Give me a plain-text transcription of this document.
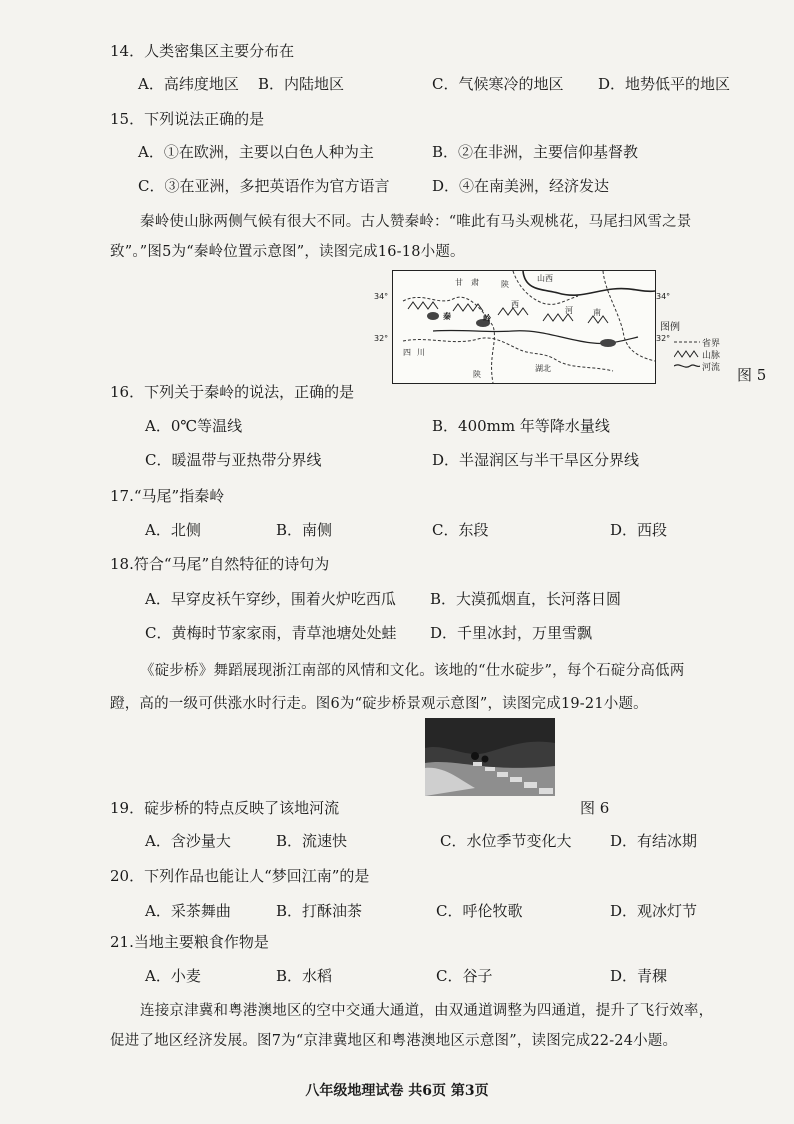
14．人类密集区主要分布在
A．高纬度地区 B．内陆地区	C．气候寒冷的地区 D．地势低平的地区
15．下列说法正确的是
A．①在欧洲，主要以白色人种为主	B．②在非洲，主要信仰基督教
C．③在亚洲，多把英语作为官方语言	D．④在南美洲，经济发达
秦岭使山脉两侧气候有很大不同。古人赞秦岭：“唯此有马头观桃花，马尾扫风雪之景
致”。”图5为“秦岭位置示意图”，读图完成16-18小题。
34°
32°
34°
32°
甘 肃	陕
山西
河	南
西
四 川
陕
湖北
秦	岭
图例
省界
山脉
河流 图 5
16．下列关于秦岭的说法，正确的是
A．0℃等温线	B．400mm 年等降水量线
C．暖温带与亚热带分界线	D．半湿润区与半干旱区分界线
17.“马尾”指秦岭
A．北侧	B．南侧	C．东段	D．西段
18.符合“马尾”自然特征的诗句为
A．早穿皮袄午穿纱，围着火炉吃西瓜 B．大漠孤烟直，长河落日圆
C．黄梅时节家家雨，青草池塘处处蛙 D．千里冰封，万里雪飘
《碇步桥》舞蹈展现浙江南部的风情和文化。该地的“仕水碇步”，每个石碇分高低两
蹬，高的一级可供涨水时行走。图6为“碇步桥景观示意图”，读图完成19-21小题。
图 6
19．碇步桥的特点反映了该地河流
A．含沙量大	B．流速快	C．水位季节变化大	D．有结冰期
20．下列作品也能让人“梦回江南”的是
A．采茶舞曲	B．打酥油茶	C．呼伦牧歌	D．观冰灯节
21.当地主要粮食作物是
A．小麦	B．水稻	C．谷子	D．青稞
连接京津冀和粤港澳地区的空中交通大通道，由双通道调整为四通道，提升了飞行效率，
促进了地区经济发展。图7为“京津冀地区和粤港澳地区示意图”，读图完成22-24小题。
八年级地理试卷 共6页 第3页
